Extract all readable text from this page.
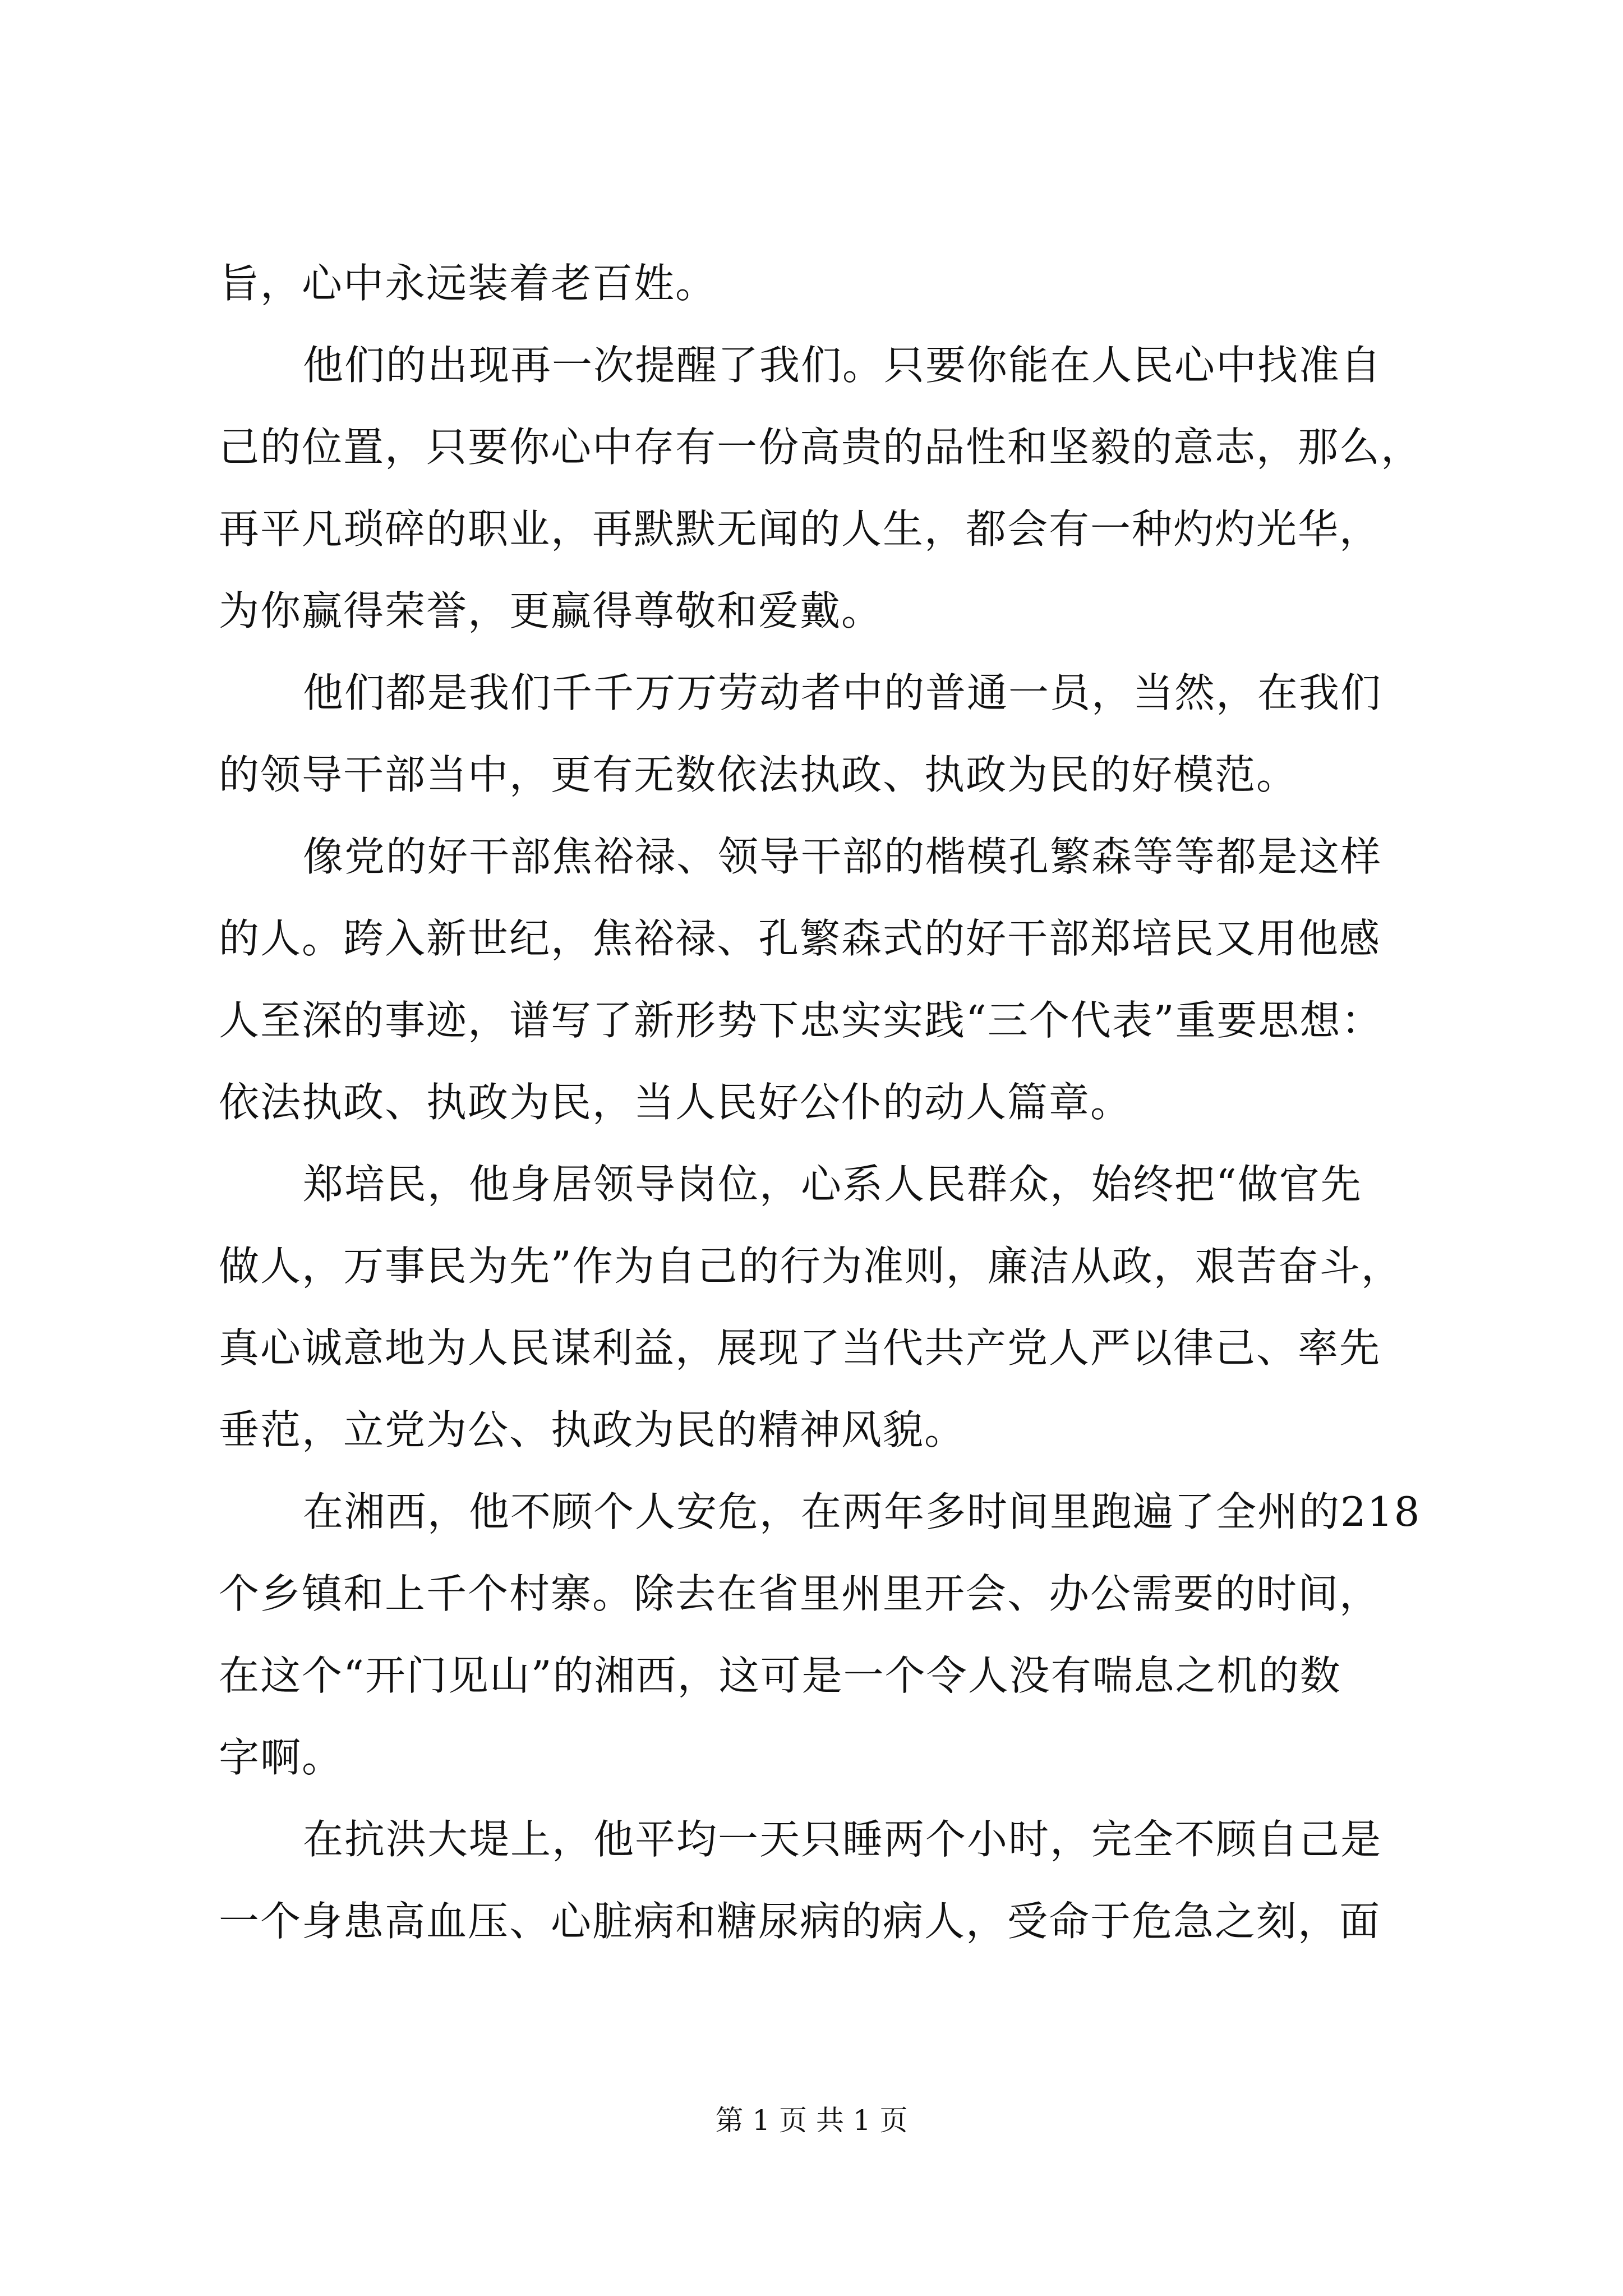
旨，心中永远装着老百姓。
他们的出现再一次提醒了我们。只要你能在人民心中找准自
己的位置，只要你心中存有一份高贵的品性和坚毅的意志，那么，
再平凡琐碎的职业，再默默无闻的人生，都会有一种灼灼光华，
为你赢得荣誉，更赢得尊敬和爱戴。
他们都是我们千千万万劳动者中的普通一员，当然，在我们
的领导干部当中，更有无数依法执政、执政为民的好模范。
像党的好干部焦裕禄、领导干部的楷模孔繁森等等都是这样
的人。跨入新世纪，焦裕禄、孔繁森式的好干部郑培民又用他感
人至深的事迹，谱写了新形势下忠实实践“三个代表”重要思想：
依法执政、执政为民，当人民好公仆的动人篇章。
郑培民，他身居领导岗位，心系人民群众，始终把“做官先
做人，万事民为先”作为自己的行为准则，廉洁从政，艰苦奋斗，
真心诚意地为人民谋利益，展现了当代共产党人严以律己、率先
垂范，立党为公、执政为民的精神风貌。
在湘西，他不顾个人安危，在两年多时间里跑遍了全州的218
个乡镇和上千个村寨。除去在省里州里开会、办公需要的时间，
在这个“开门见山”的湘西，这可是一个令人没有喘息之机的数
字啊。
在抗洪大堤上，他平均一天只睡两个小时，完全不顾自己是
一个身患高血压、心脏病和糖尿病的病人，受命于危急之刻，面
第 1 页 共 1 页
